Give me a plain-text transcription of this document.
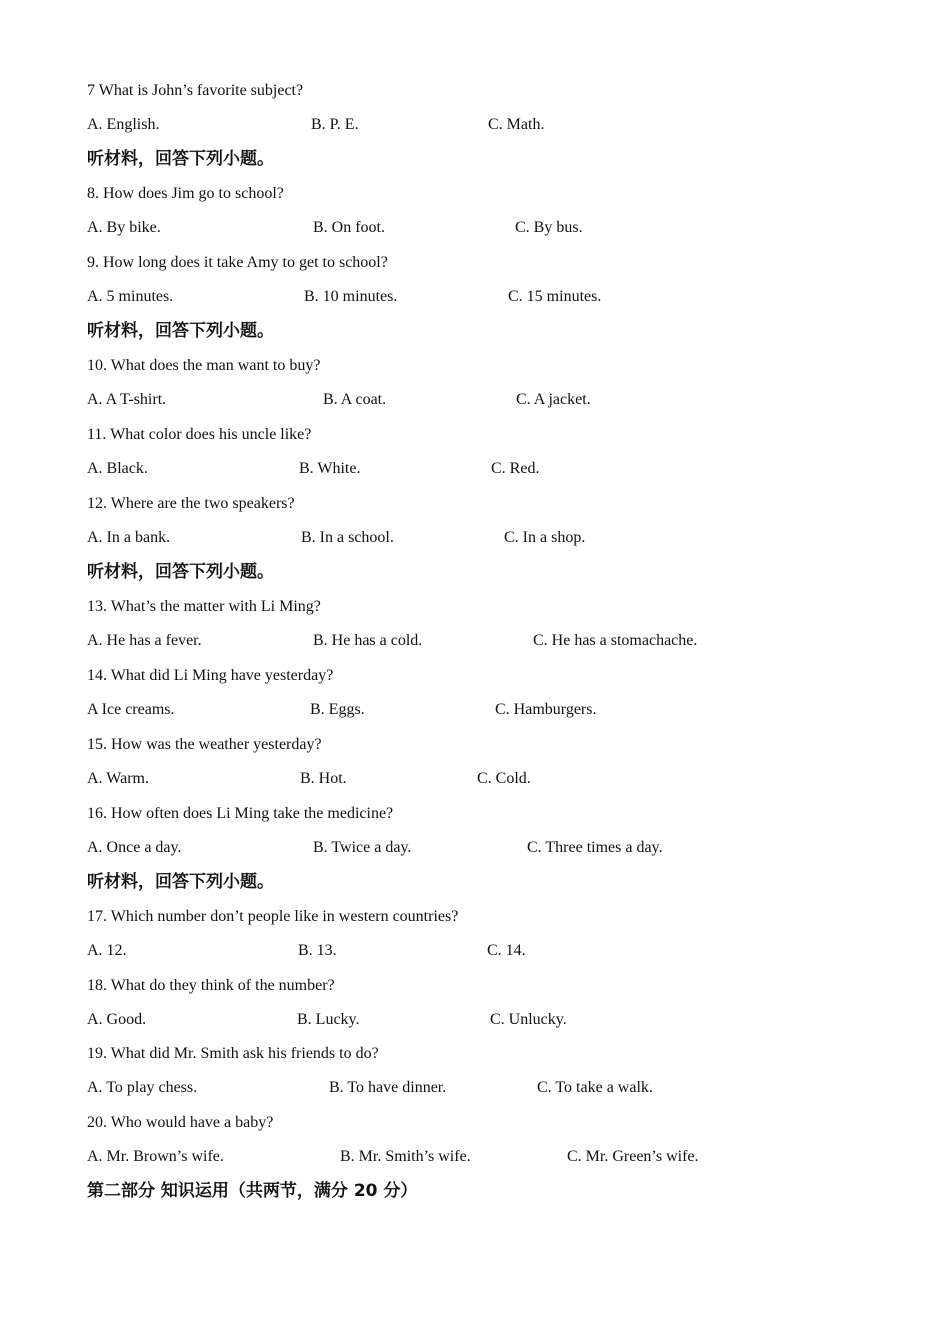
7 What is John’s favorite subject?
A. English.	B. P. E.	C. Math.
听材料，回答下列小题。
8. How does Jim go to school?
A. By bike.	B. On foot.	C. By bus.
9. How long does it take Amy to get to school?
A. 5 minutes.	B. 10 minutes.	C. 15 minutes.
听材料，回答下列小题。
10. What does the man want to buy?
A. A T-shirt.	B. A coat.	C. A jacket.
11. What color does his uncle like?
A. Black.	B. White.	C. Red.
12. Where are the two speakers?
A. In a bank.	B. In a school.	C. In a shop.
听材料，回答下列小题。
13. What’s the matter with Li Ming?
A. He has a fever.	B. He has a cold.	C. He has a stomachache.
14. What did Li Ming have yesterday?
A Ice creams.	B. Eggs.	C. Hamburgers.
15. How was the weather yesterday?
A. Warm.	B. Hot.	C. Cold.
16. How often does Li Ming take the medicine?
A. Once a day.	B. Twice a day.	C. Three times a day.
听材料，回答下列小题。
17. Which number don’t people like in western countries?
A. 12.	B. 13.	C. 14.
18. What do they think of the number?
A. Good.	B. Lucky.	C. Unlucky.
19. What did Mr. Smith ask his friends to do?
A. To play chess.	B. To have dinner.	C. To take a walk.
20. Who would have a baby?
A. Mr. Brown’s wife.	B. Mr. Smith’s wife.	C. Mr. Green’s wife.
第二部分 知识运用（共两节，满分 20 分）
